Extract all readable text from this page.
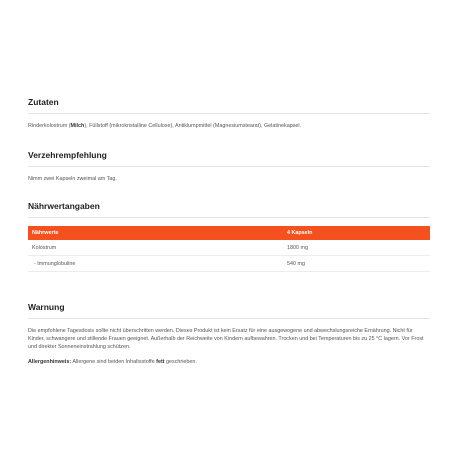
Zutaten

Rinderkolostrum (Milch), Füllstoff (mikrokristalline Cellulose), Antiklumpmittel (Magnesiumstearat), Gelatinekapsel.

Verzehrempfehlung

Nimm zwei Kapseln zweimal am Tag.

Nährwertangaben
Nährwerte	4 Kapseln
Kolostrum	1800 mg
- Immunglobuline	540 mg
Warnung

Die empfohlene Tagesdosis sollte nicht überschritten werden. Dieses Produkt ist kein Ersatz für eine ausgewogene und abwechslungsreiche Ernährung. Nicht für Kinder, schwangere und stillende Frauen geeignet. Außerhalb der Reichweite von Kindern aufbewahren. Trocken und bei Temperaturen bis zu 25 °C lagern. Vor Frost und direkter Sonneneinstrahlung schützen.

Allergenhinweis: Allergene sind beiden Inhaltsstoffe fett geschrieben.
